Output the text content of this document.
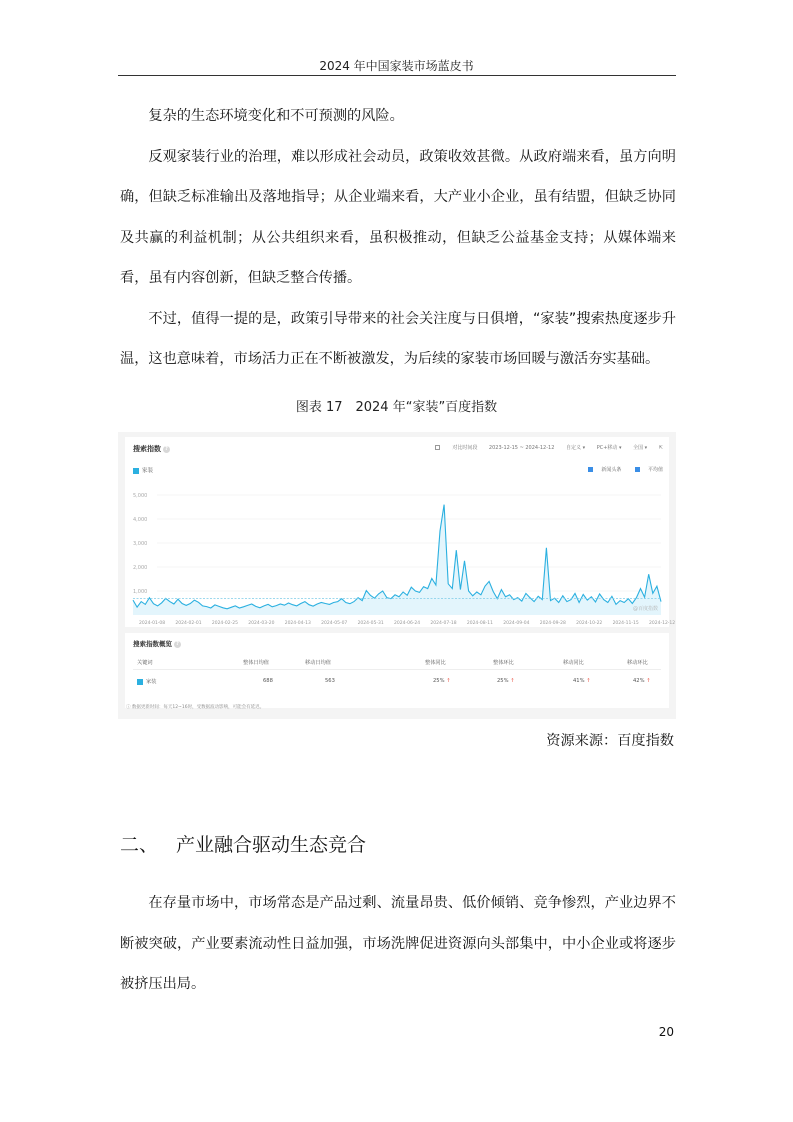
2024 年中国家装市场蓝皮书

复杂的生态环境变化和不可预测的风险。

反观家装行业的治理，难以形成社会动员，政策收效甚微。从政府端来看，虽方向明确，但缺乏标准输出及落地指导；从企业端来看，大产业小企业，虽有结盟，但缺乏协同及共赢的利益机制；从公共组织来看，虽积极推动，但缺乏公益基金支持；从媒体端来看，虽有内容创新，但缺乏整合传播。

不过，值得一提的是，政策引导带来的社会关注度与日俱增，“家装”搜索热度逐步升温，这也意味着，市场活力正在不断被激发，为后续的家装市场回暖与激活夯实基础。

图表 17　2024 年“家装”百度指数
搜索指数 ?	对比时间段 2023-12-15 ~ 2024-12-12 自定义 ▾ PC+移动 ▾ 全国 ▾ ⇱
家装	新闻头条	平均值
1,000
2,000
3,000
4,000
5,000
2024-01-08 2024-02-01 2024-02-25 2024-03-20 2024-04-13 2024-05-07 2024-05-31 2024-06-24 2024-07-18 2024-08-11 2024-09-04 2024-09-28 2024-10-22 2024-11-15 2024-12-12
@百度指数
搜索指数概览 ?
关键词	整体日均值	移动日均值	整体同比	整体环比	移动同比	移动环比
家装	688	563	25% ↑	25% ↑	41% ↑	42% ↑
ⓘ 数据更新时间：每天12~16时，受数据波动影响，可能会有延迟。
资源来源：百度指数
二、 产业融合驱动生态竞合

在存量市场中，市场常态是产品过剩、流量昂贵、低价倾销、竞争惨烈，产业边界不断被突破，产业要素流动性日益加强，市场洗牌促进资源向头部集中，中小企业或将逐步被挤压出局。

20
